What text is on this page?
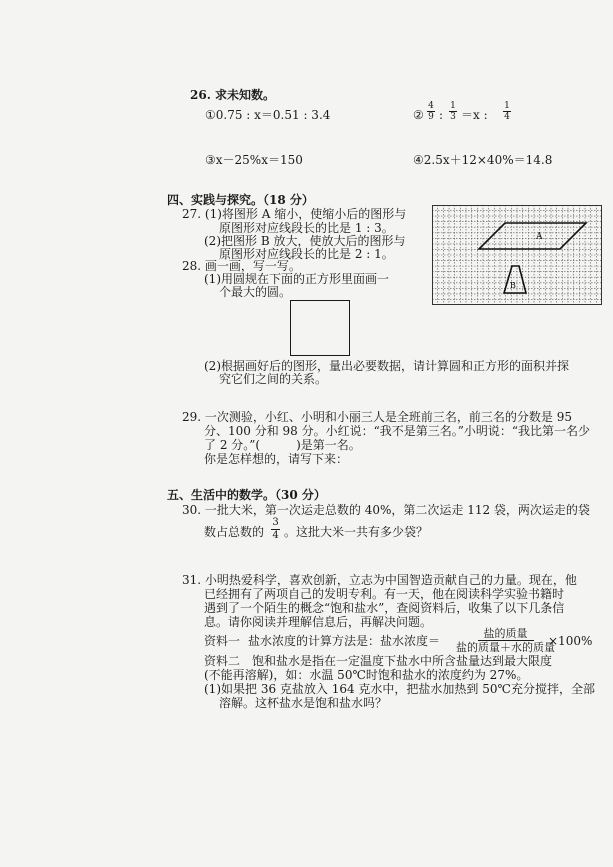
26. 求未知数。
①0.75 : x＝0.51 : 3.4	②
4
9 :
1
3 ＝x :
1
4
③x－25%x＝150	④2.5x＋12×40%＝14.8
四、实践与探究。（18 分）
27. (1)将图形 A 缩小，使缩小后的图形与
原图形对应线段长的比是 1 : 3。
(2)把图形 B 放大，使放大后的图形与
原图形对应线段长的比是 2 : 1。
28. 画一画，写一写。
(1)用圆规在下面的正方形里面画一
个最大的圆。
A
B
(2)根据画好后的图形，量出必要数据，请计算圆和正方形的面积并探
究它们之间的关系。
29. 一次测验，小红、小明和小丽三人是全班前三名，前三名的分数是 95
分、100 分和 98 分。小红说：“我不是第三名。”小明说：“我比第一名少
了 2 分。”(　　　)是第一名。
你是怎样想的，请写下来：
五、生活中的数学。（30 分）
30. 一批大米，第一次运走总数的 40%，第二次运走 112 袋，两次运走的袋
数占总数的
3
4 。这批大米一共有多少袋？
31. 小明热爱科学，喜欢创新，立志为中国智造贡献自己的力量。现在，他
已经拥有了两项自己的发明专利。有一天，他在阅读科学实验书籍时
遇到了一个陌生的概念“饱和盐水”，查阅资料后，收集了以下几条信
息。请你阅读并理解信息后，再解决问题。
资料一 盐水浓度的计算方法是：盐水浓度＝
盐的质量
盐的质量＋水的质量
×100%
资料二　饱和盐水是指在一定温度下盐水中所含盐量达到最大限度
(不能再溶解)，如：水温 50℃时饱和盐水的浓度约为 27%。
(1)如果把 36 克盐放入 164 克水中，把盐水加热到 50℃充分搅拌，全部
溶解。这杯盐水是饱和盐水吗？
